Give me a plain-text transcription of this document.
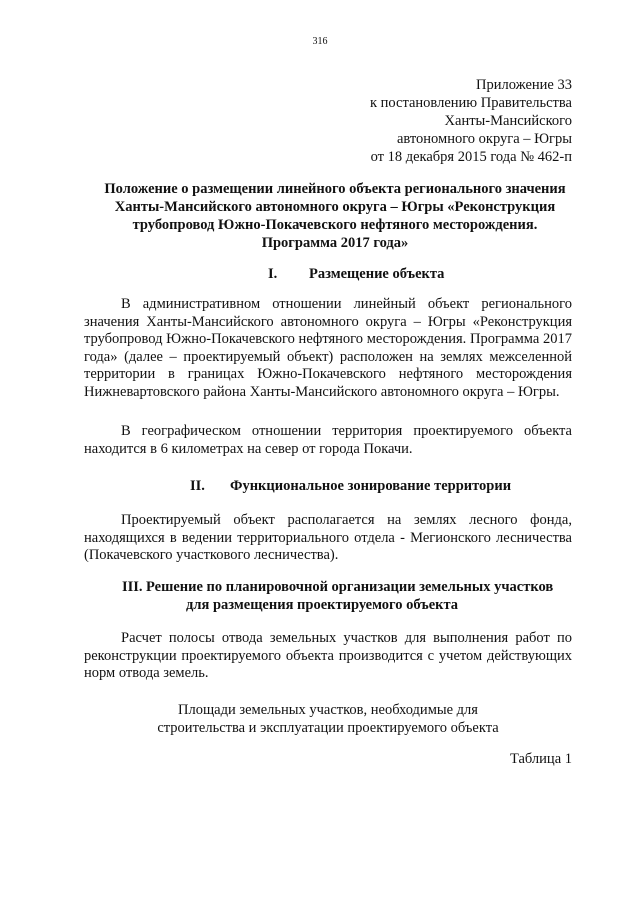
316
Приложение 33
к постановлению Правительства
Ханты-Мансийского
автономного округа – Югры
от 18 декабря 2015 года № 462-п
Положение о размещении линейного объекта регионального значения Ханты-Мансийского автономного округа – Югры «Реконструкция трубопровод Южно-Покачевского нефтяного месторождения. Программа 2017 года»
I. Размещение объекта
В административном отношении линейный объект регионального значения Ханты-Мансийского автономного округа – Югры «Реконструкция трубопровод Южно-Покачевского нефтяного месторождения. Программа 2017 года» (далее – проектируемый объект) расположен на землях межселенной территории в границах Южно-Покачевского нефтяного месторождения Нижневартовского района Ханты-Мансийского автономного округа – Югры.
В географическом отношении территория проектируемого объекта находится в 6 километрах на север от города Покачи.
II. Функциональное зонирование территории
Проектируемый объект располагается на землях лесного фонда, находящихся в ведении территориального отдела - Мегионского лесничества (Покачевского участкового лесничества).
III. Решение по планировочной организации земельных участков
для размещения проектируемого объекта
Расчет полосы отвода земельных участков для выполнения работ по реконструкции проектируемого объекта производится с учетом действующих норм отвода земель.
Площади земельных участков, необходимые для
строительства и эксплуатации проектируемого объекта
Таблица 1
